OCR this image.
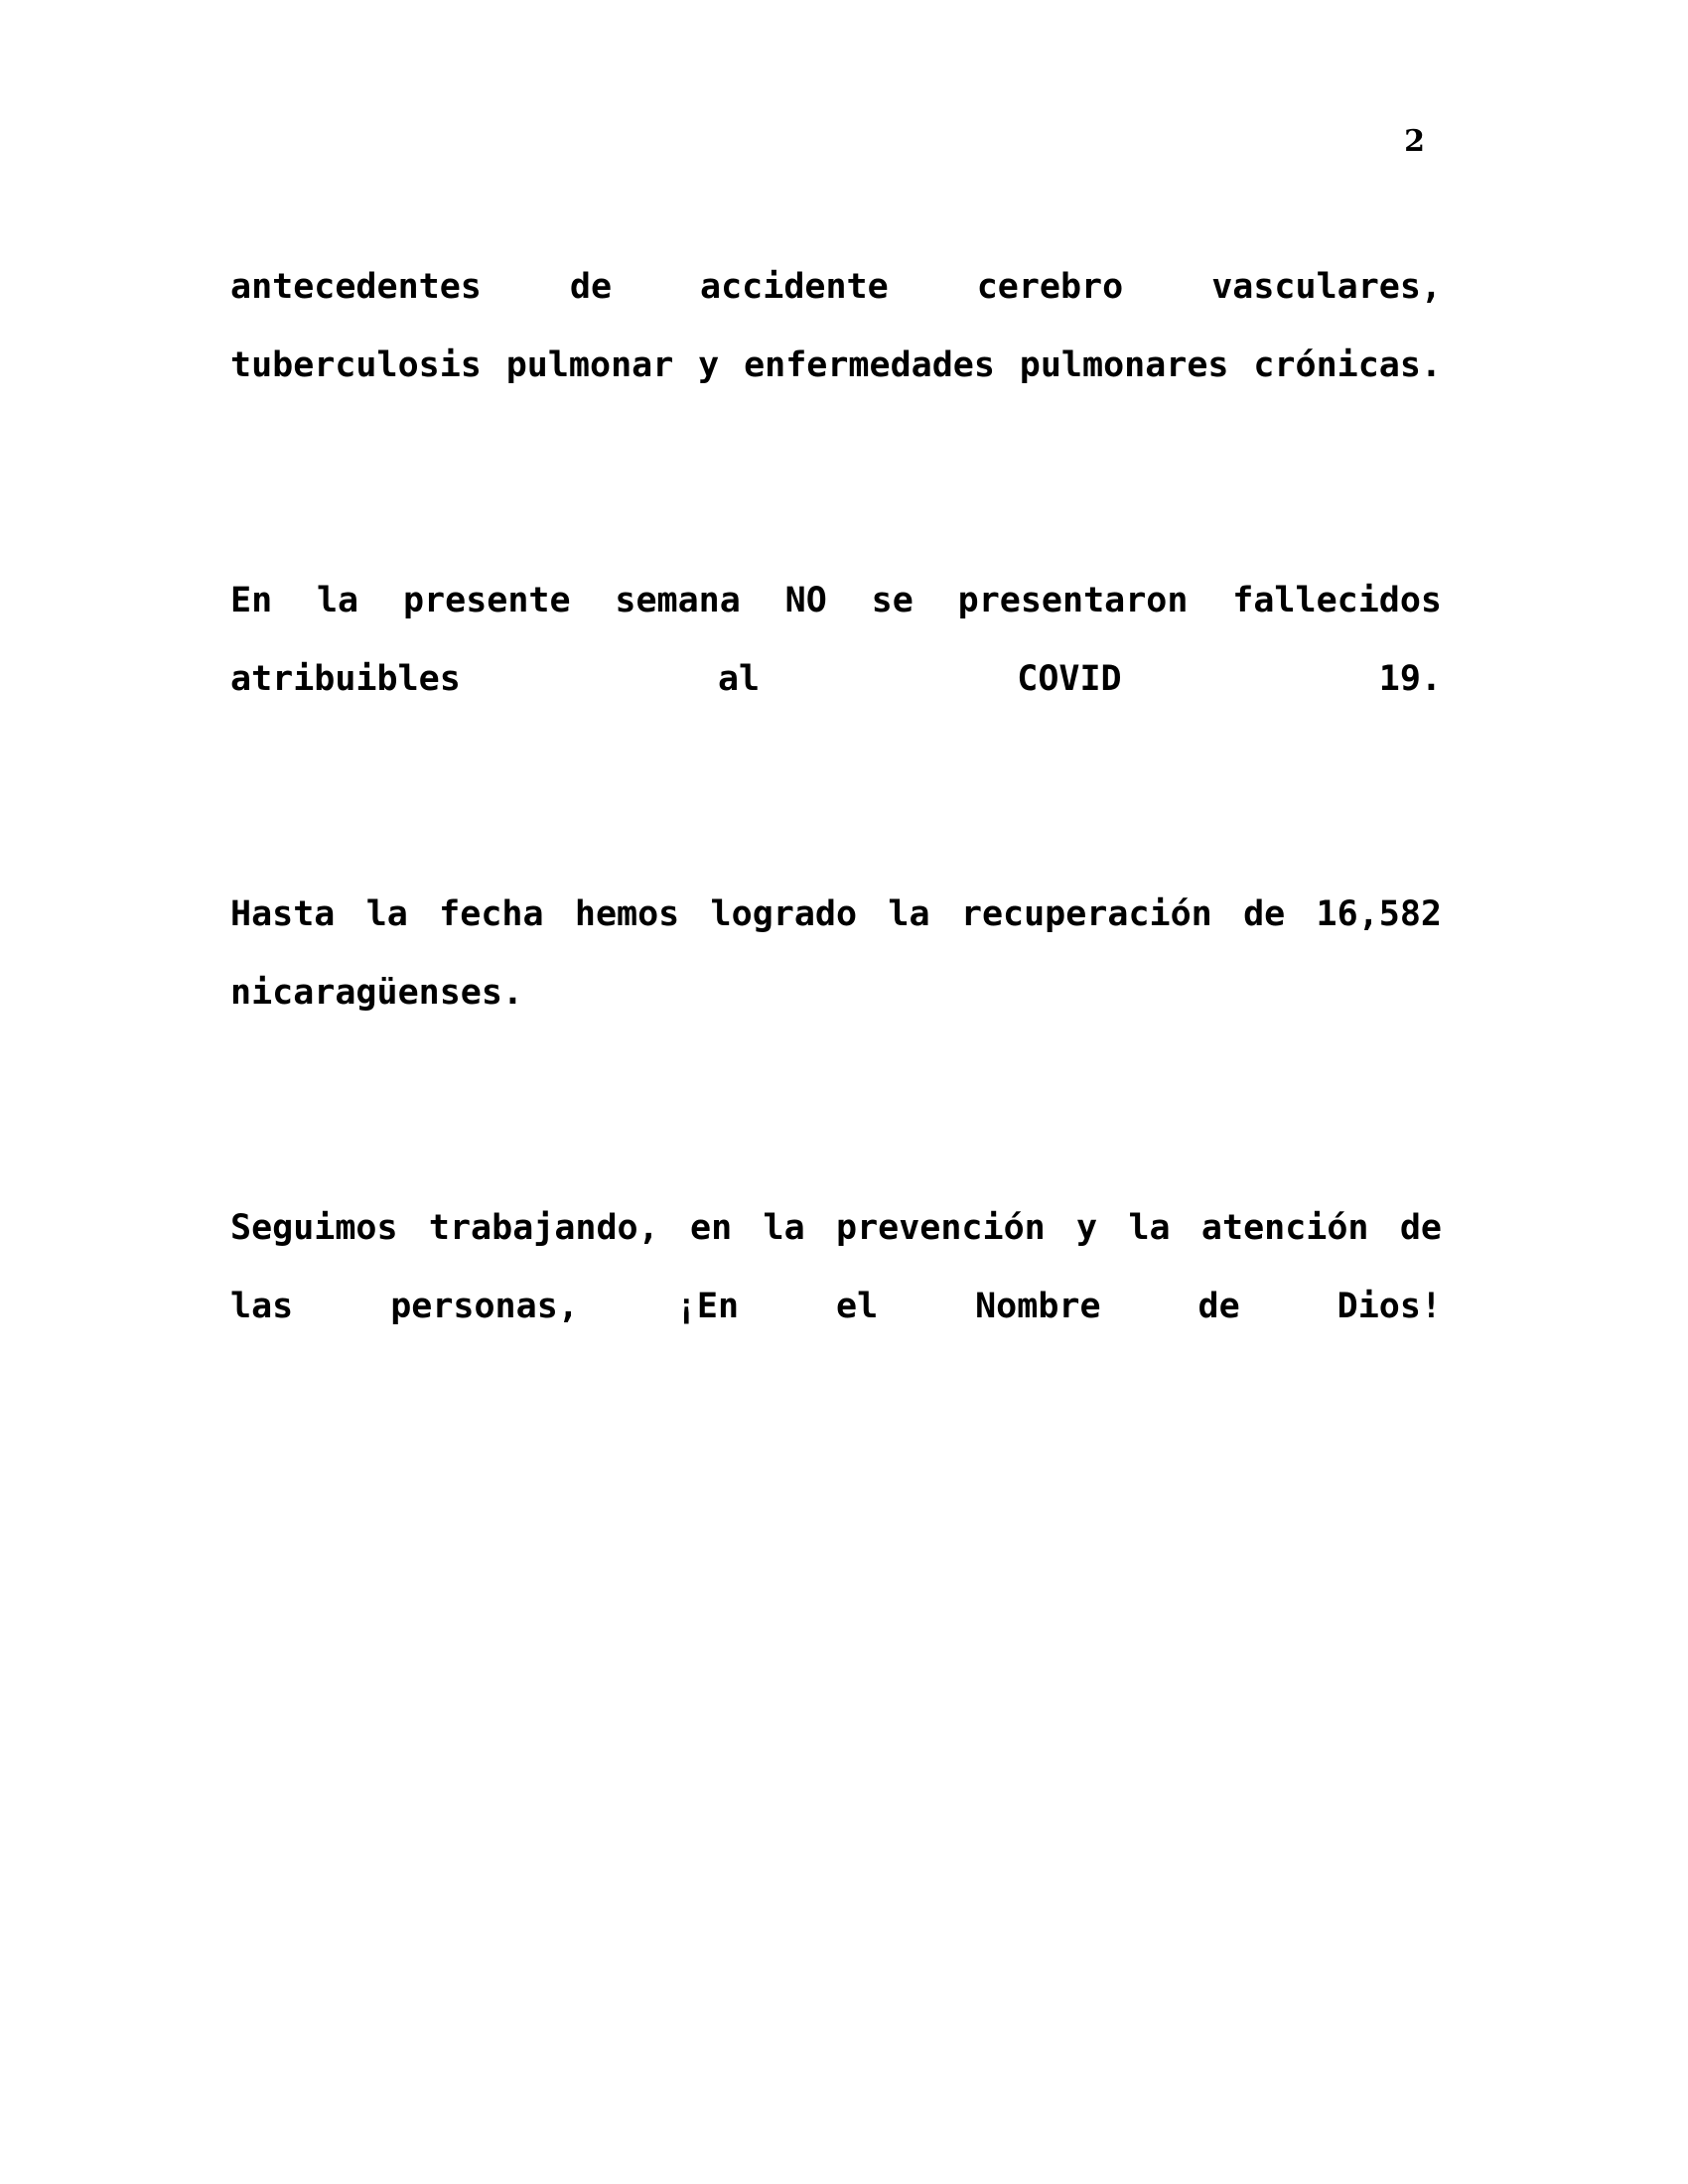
2

antecedentes de accidente cerebro vasculares, tuberculosis pulmonar y enfermedades pulmonares crónicas.

En la presente semana NO se presentaron fallecidos atribuibles al COVID 19.

Hasta la fecha hemos logrado la recuperación de 16,582 nicaragüenses.

Seguimos trabajando, en la prevención y la atención de las personas, ¡En el Nombre de Dios!
